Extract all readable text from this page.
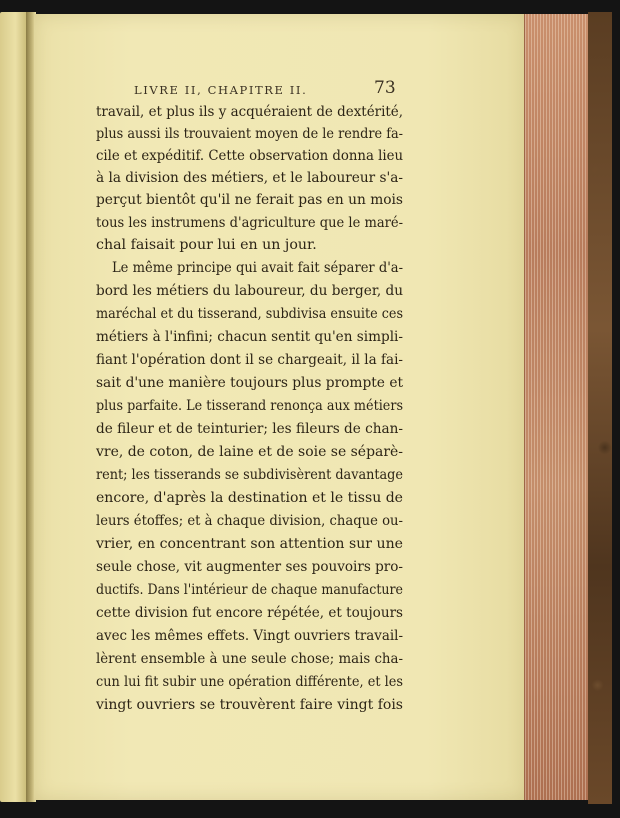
LIVRE II, CHAPITRE II.	73
travail, et plus ils y acquéraient de dextérité,
plus aussi ils trouvaient moyen de le rendre fa-
cile et expéditif. Cette observation donna lieu
à la division des métiers, et le laboureur s'a-
perçut bientôt qu'il ne ferait pas en un mois
tous les instrumens d'agriculture que le maré-
chal faisait pour lui en un jour.
Le même principe qui avait fait séparer d'a-
bord les métiers du laboureur, du berger, du
maréchal et du tisserand, subdivisa ensuite ces
métiers à l'infini; chacun sentit qu'en simpli-
fiant l'opération dont il se chargeait, il la fai-
sait d'une manière toujours plus prompte et
plus parfaite. Le tisserand renonça aux métiers
de fileur et de teinturier; les fileurs de chan-
vre, de coton, de laine et de soie se séparè-
rent; les tisserands se subdivisèrent davantage
encore, d'après la destination et le tissu de
leurs étoffes; et à chaque division, chaque ou-
vrier, en concentrant son attention sur une
seule chose, vit augmenter ses pouvoirs pro-
ductifs. Dans l'intérieur de chaque manufacture
cette division fut encore répétée, et toujours
avec les mêmes effets. Vingt ouvriers travail-
lèrent ensemble à une seule chose; mais cha-
cun lui fit subir une opération différente, et les
vingt ouvriers se trouvèrent faire vingt fois
